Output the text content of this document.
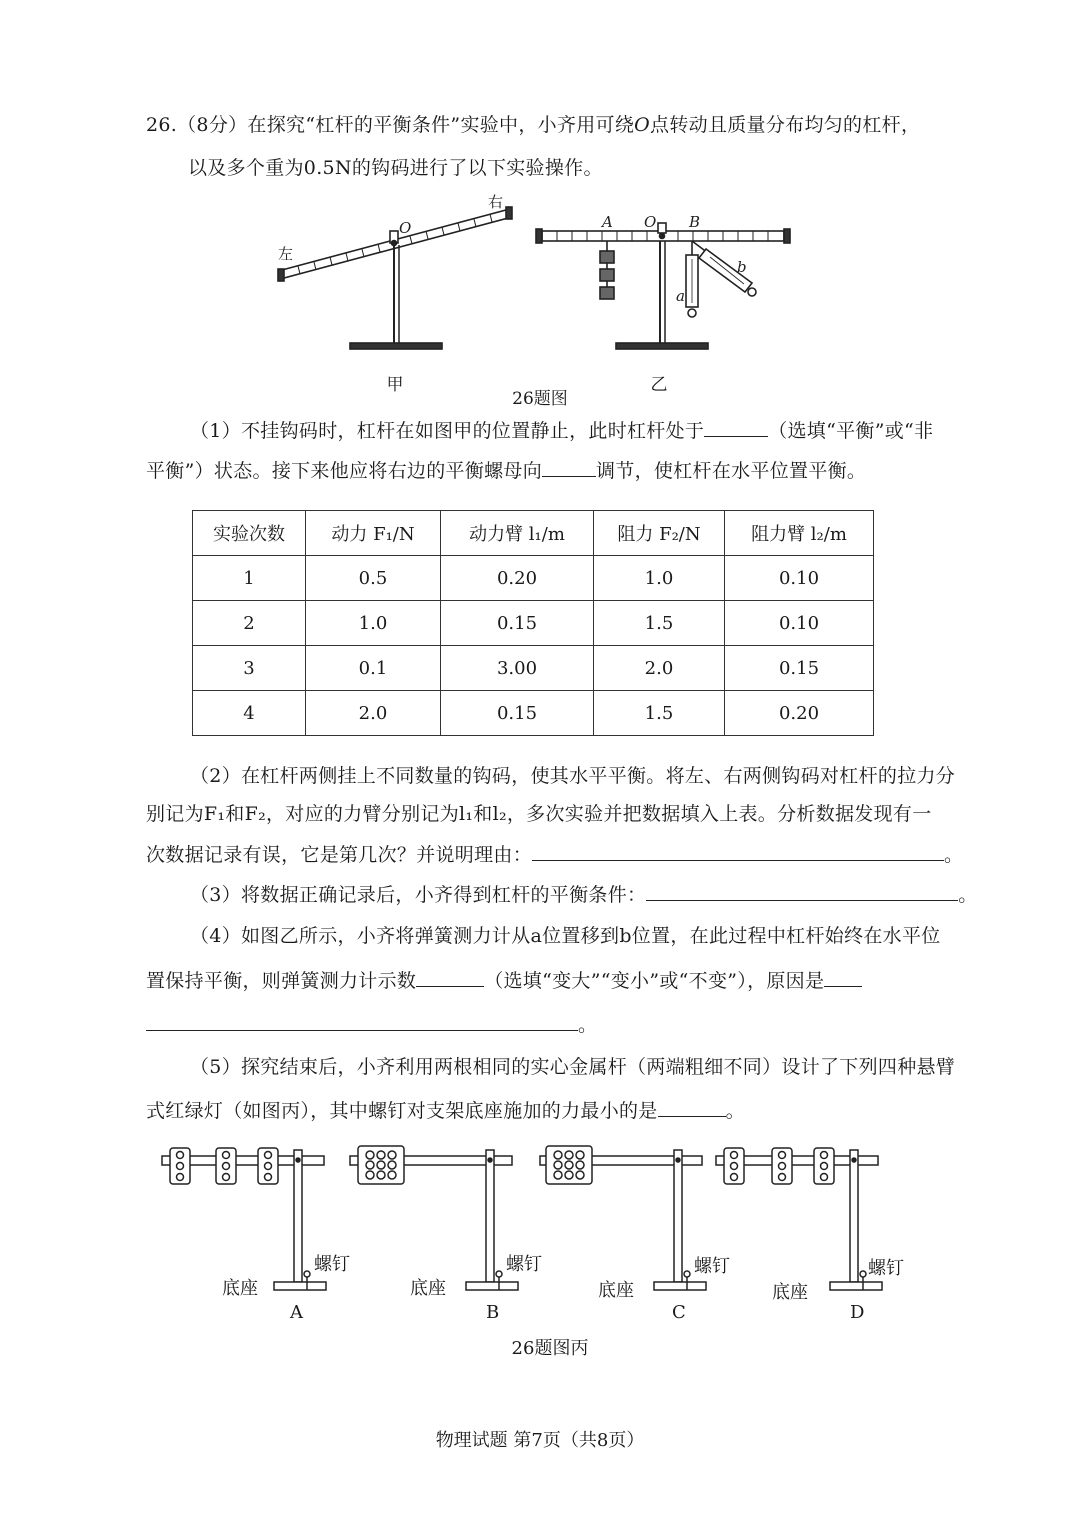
26.（8分）在探究“杠杆的平衡条件”实验中，小齐用可绕O点转动且质量分布均匀的杠杆，
以及多个重为0.5N的钩码进行了以下实验操作。
左
右
O	A O B
a
b
甲	乙
26题图
（1）不挂钩码时，杠杆在如图甲的位置静止，此时杠杆处于	（选填“平衡”或“非
平衡”）状态。接下来他应将右边的平衡螺母向	调节，使杠杆在水平位置平衡。
实验次数	动力 F₁/N	动力臂 l₁/m	阻力 F₂/N	阻力臂 l₂/m
1	0.5	0.20	1.0	0.10
2	1.0	0.15	1.5	0.10
3	0.1	3.00	2.0	0.15
4	2.0	0.15	1.5	0.20
（2）在杠杆两侧挂上不同数量的钩码，使其水平平衡。将左、右两侧钩码对杠杆的拉力分
别记为F₁和F₂，对应的力臂分别记为l₁和l₂，多次实验并把数据填入上表。分析数据发现有一
次数据记录有误，它是第几次？并说明理由：	。
（3）将数据正确记录后，小齐得到杠杆的平衡条件：	。
（4）如图乙所示，小齐将弹簧测力计从a位置移到b位置，在此过程中杠杆始终在水平位
置保持平衡，则弹簧测力计示数	（选填“变大”“变小”或“不变”），原因是
。
（5）探究结束后，小齐利用两根相同的实心金属杆（两端粗细不同）设计了下列四种悬臂
式红绿灯（如图丙），其中螺钉对支架底座施加的力最小的是	。
螺钉
底座
螺钉
底座
螺钉
底座
螺钉
底座
A	B	C	D
26题图丙
物理试题 第7页（共8页）
